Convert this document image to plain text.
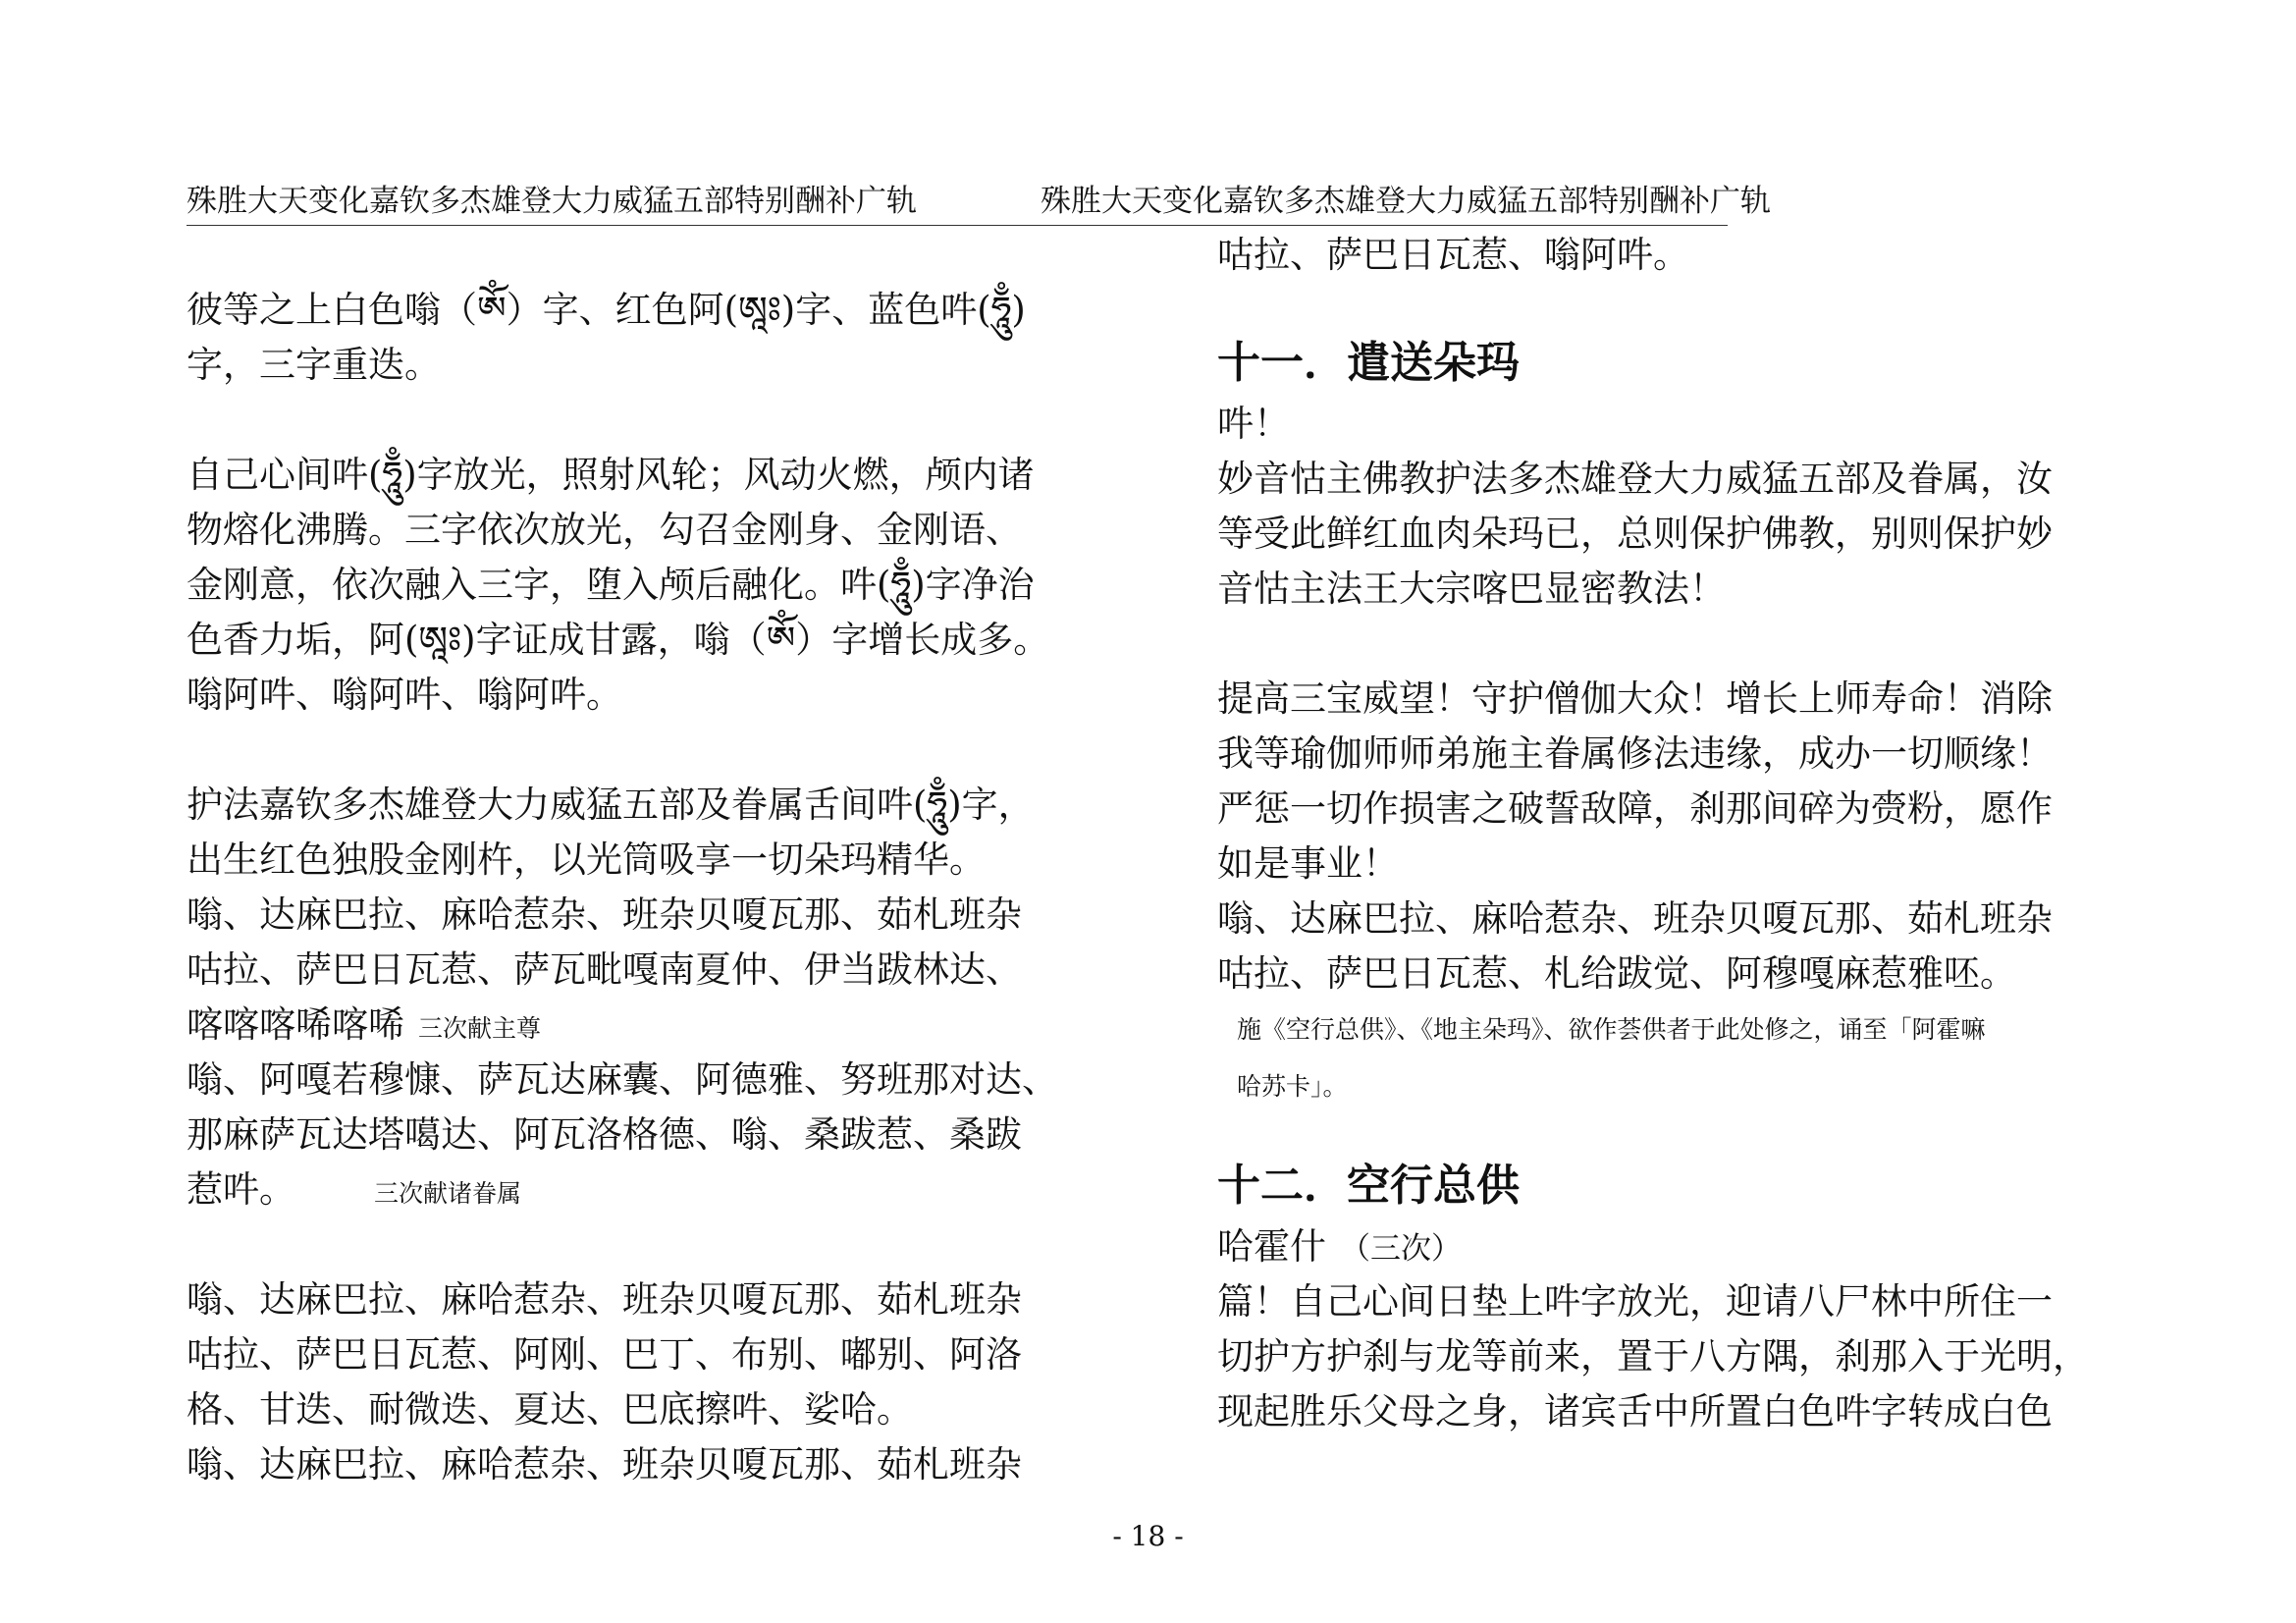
殊胜大天变化嘉钦多杰雄登大力威猛五部特别酬补广轨	殊胜大天变化嘉钦多杰雄登大力威猛五部特别酬补广轨
彼等之上白色嗡（ༀ）字、红色阿(ཨཱཿ)字、蓝色吽(ཧཱུྃ)
字，三字重迭。
自己心间吽(ཧཱུྃ)字放光，照射风轮；风动火燃，颅内诸
物熔化沸腾。三字依次放光，勾召金刚身、金刚语、
金刚意，依次融入三字，堕入颅后融化。吽(ཧཱུྃ)字净治
色香力垢，阿(ཨཱཿ)字证成甘露，嗡（ༀ）字增长成多。
嗡阿吽、嗡阿吽、嗡阿吽。
护法嘉钦多杰雄登大力威猛五部及眷属舌间吽(ཧཱུྃ)字，
出生红色独股金刚杵，以光筒吸享一切朵玛精华。
嗡、达麻巴拉、麻哈惹杂、班杂贝嗄瓦那、茹札班杂
咕拉、萨巴日瓦惹、萨瓦毗嘎南夏仲、伊当跋林达、
喀喀喀唏喀唏 三次献主尊
嗡、阿嘎若穆慷、萨瓦达麻囊、阿德雅、努班那对达、
那麻萨瓦达塔噶达、阿瓦洛格德、嗡、桑跋惹、桑跋
惹吽。	三次献诸眷属
嗡、达麻巴拉、麻哈惹杂、班杂贝嗄瓦那、茹札班杂
咕拉、萨巴日瓦惹、阿刚、巴丁、布别、嘟别、阿洛
格、甘迭、耐微迭、夏达、巴底擦吽、娑哈。
嗡、达麻巴拉、麻哈惹杂、班杂贝嗄瓦那、茹札班杂
咕拉、萨巴日瓦惹、嗡阿吽。
十一．遣送朵玛
吽！
妙音怙主佛教护法多杰雄登大力威猛五部及眷属，汝
等受此鲜红血肉朵玛已，总则保护佛教，别则保护妙
音怙主法王大宗喀巴显密教法！
提高三宝威望！守护僧伽大众！增长上师寿命！消除
我等瑜伽师师弟施主眷属修法违缘，成办一切顺缘！
严惩一切作损害之破誓敌障，刹那间碎为赍粉，愿作
如是事业！
嗡、达麻巴拉、麻哈惹杂、班杂贝嗄瓦那、茹札班杂
咕拉、萨巴日瓦惹、札给跋觉、阿穆嘎麻惹雅呸。
施《空行总供》、《地主朵玛》、欲作荟供者于此处修之，诵至「阿霍嘛
哈苏卡」。
十二．空行总供
哈霍什 （三次）
篇！自己心间日垫上吽字放光，迎请八尸林中所住一
切护方护刹与龙等前来，置于八方隅，刹那入于光明，
现起胜乐父母之身，诸宾舌中所置白色吽字转成白色
- 18 -
